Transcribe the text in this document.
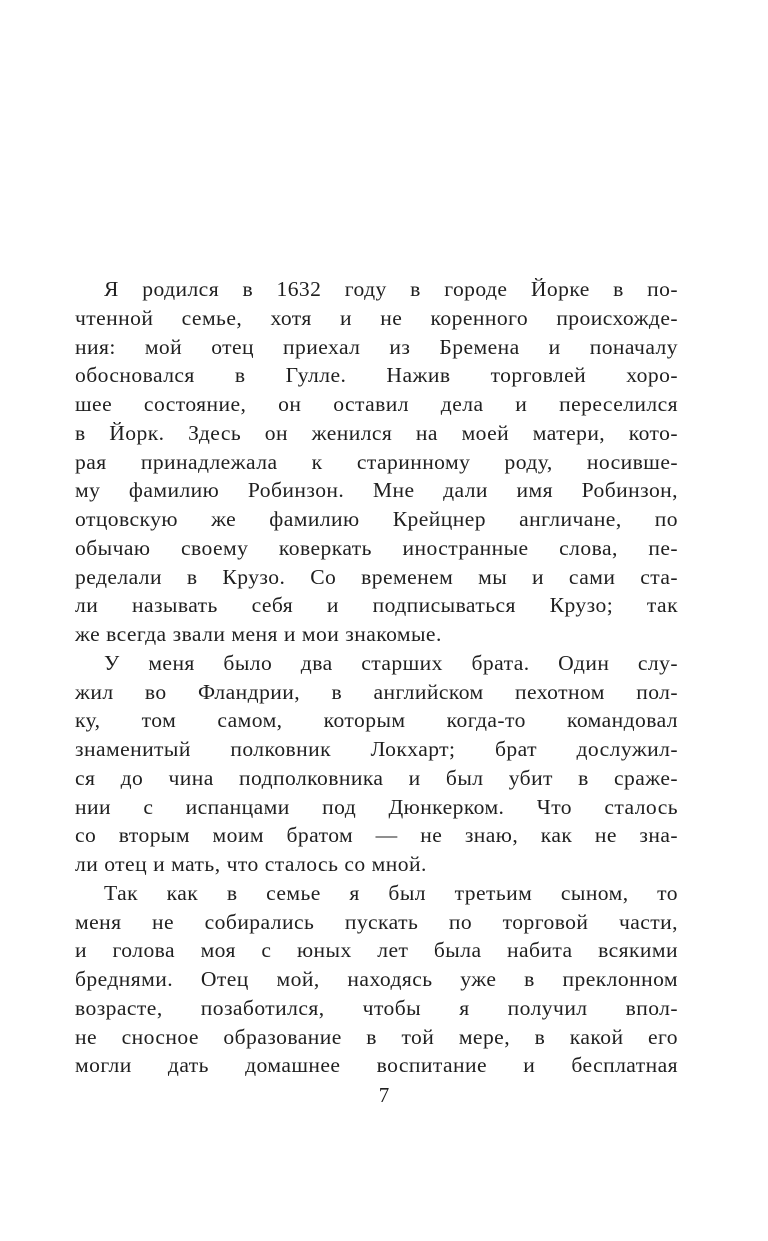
Я родился в 1632 году в городе Йорке в по-
чтенной семье, хотя и не коренного происхожде-
ния: мой отец приехал из Бремена и поначалу
обосновался в Гулле. Нажив торговлей хоро-
шее состояние, он оставил дела и переселился
в Йорк. Здесь он женился на моей матери, кото-
рая принадлежала к старинному роду, носивше-
му фамилию Робинзон. Мне дали имя Робинзон,
отцовскую же фамилию Крейцнер англичане, по
обычаю своему коверкать иностранные слова, пе-
ределали в Крузо. Со временем мы и сами ста-
ли называть себя и подписываться Крузо; так
же всегда звали меня и мои знакомые.

У меня было два старших брата. Один слу-
жил во Фландрии, в английском пехотном пол-
ку, том самом, которым когда-то командовал
знаменитый полковник Локхарт; брат дослужил-
ся до чина подполковника и был убит в сраже-
нии с испанцами под Дюнкерком. Что сталось
со вторым моим братом — не знаю, как не зна-
ли отец и мать, что сталось со мной.

Так как в семье я был третьим сыном, то
меня не собирались пускать по торговой части,
и голова моя с юных лет была набита всякими
бреднями. Отец мой, находясь уже в преклонном
возрасте, позаботился, чтобы я получил впол-
не сносное образование в той мере, в какой его
могли дать домашнее воспитание и бесплатная

7
